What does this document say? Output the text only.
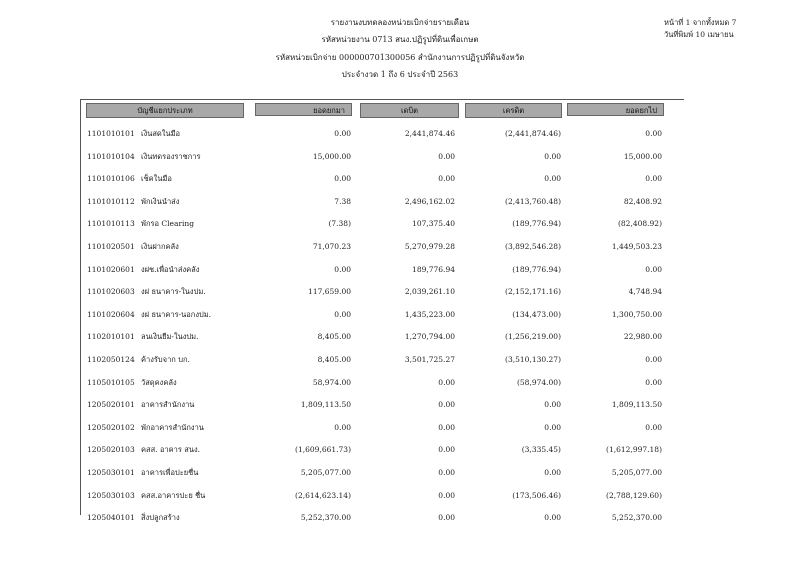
รายงานงบทดลองหน่วยเบิกจ่ายรายเดือน
รหัสหน่วยงาน 0713 สนง.ปฏิรูปที่ดินเพื่อเกษต
รหัสหน่วยเบิกจ่าย 000000701300056 สำนักงานการปฏิรูปที่ดินจังหวัด
ประจำงวด 1 ถึง 6 ประจำปี 2563
หน้าที่ 1 จากทั้งหมด 7
วันที่พิมพ์ 10 เมษายน
บัญชีแยกประเภท	ยอดยกมา	เดบิต	เครดิต	ยอดยกไป
1101010101 เงินสดในมือ	0.00	2,441,874.46	(2,441,874.46)	0.00
1101010104 เงินทดรองราชการ	15,000.00	0.00	0.00	15,000.00
1101010106 เช็คในมือ	0.00	0.00	0.00	0.00
1101010112 พักเงินนำส่ง	7.38	2,496,162.02	(2,413,760.48)	82,408.92
1101010113 พักรอ Clearing	(7.38)	107,375.40	(189,776.94)	(82,408.92)
1101020501 เงินฝากคลัง	71,070.23	5,270,979.28	(3,892,546.28)	1,449,503.23
1101020601 งฝช.เพื่อนำส่งคลัง	0.00	189,776.94	(189,776.94)	0.00
1101020603 งฝ ธนาคาร-ในงปม.	117,659.00	2,039,261.10	(2,152,171.16)	4,748.94
1101020604 งฝ ธนาคาร-นอกงปม.	0.00	1,435,223.00	(134,473.00)	1,300,750.00
1102010101 ลนเงินยืม-ในงปม.	8,405.00	1,270,794.00	(1,256,219.00)	22,980.00
1102050124 ค้างรับจาก บก.	8,405.00	3,501,725.27	(3,510,130.27)	0.00
1105010105 วัสดุคงคลัง	58,974.00	0.00	(58,974.00)	0.00
1205020101 อาคารสำนักงาน	1,809,113.50	0.00	0.00	1,809,113.50
1205020102 พักอาคารสำนักงาน	0.00	0.00	0.00	0.00
1205020103 คสส. อาคาร สนง.	(1,609,661.73)	0.00	(3,335.45)	(1,612,997.18)
1205030101 อาคารเพื่อปะยชื่น	5,205,077.00	0.00	0.00	5,205,077.00
1205030103 คสส.อาคารปะย ชื่น	(2,614,623.14)	0.00	(173,506.46)	(2,788,129.60)
1205040101 สิ่งปลูกสร้าง	5,252,370.00	0.00	0.00	5,252,370.00
